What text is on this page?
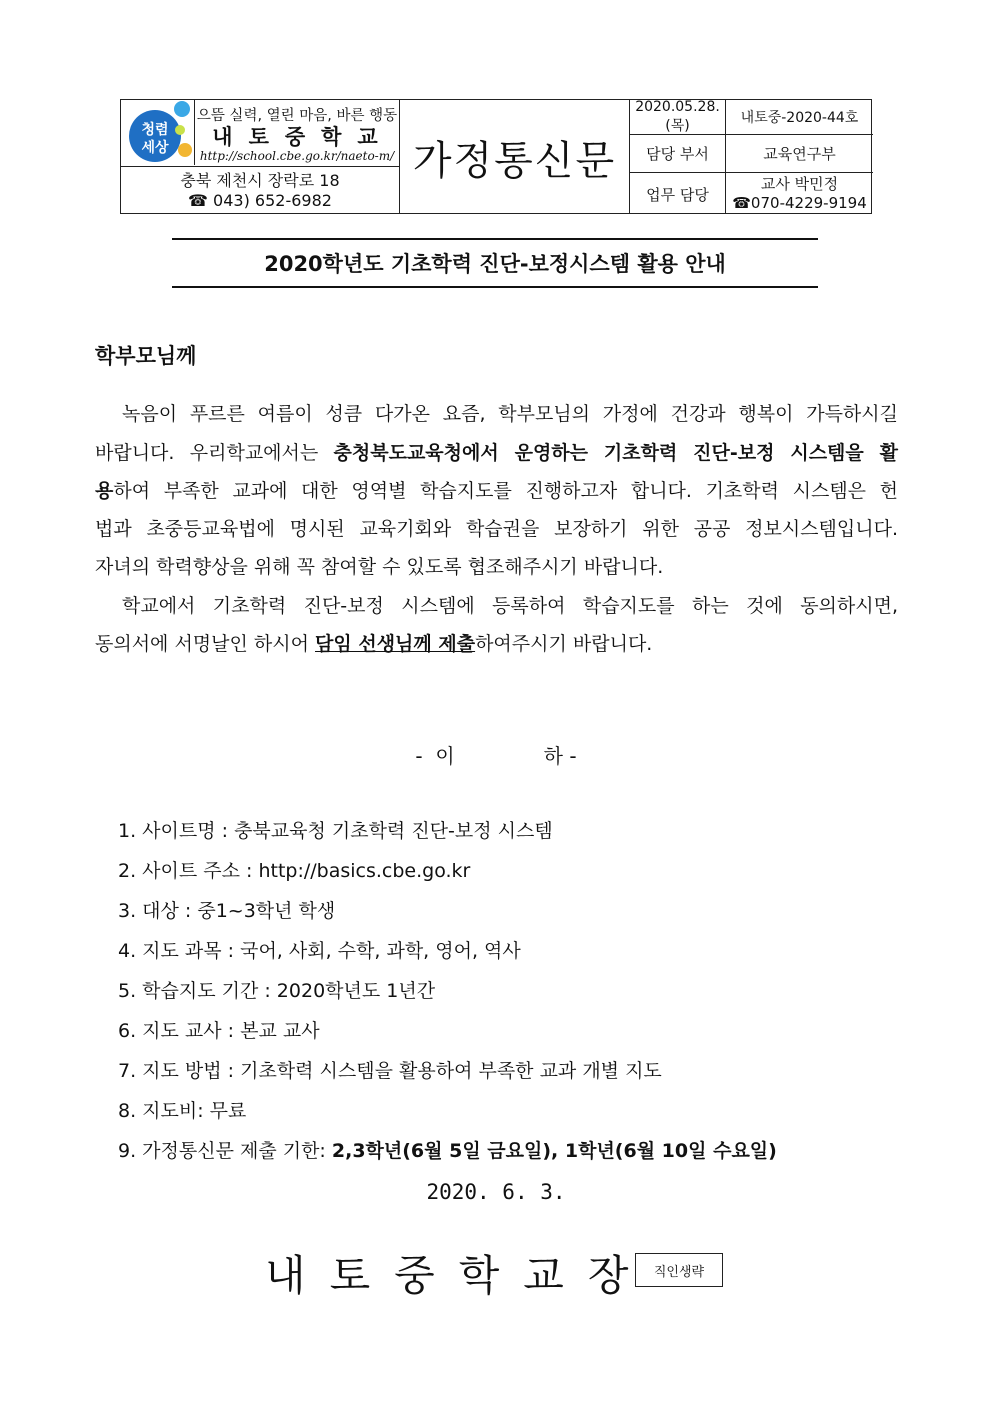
청렴
세상
으뜸 실력, 열린 마음, 바른 행동
내토중학교
http://school.cbe.go.kr/naeto-m/
충북 제천시 장락로 18
☎ 043) 652-6982
가정통신문
2020.05.28.(목)	내토중-2020-44호
담당 부서	교육연구부
업무 담당
교사 박민정
☎070-4229-9194
2020학년도 기초학력 진단-보정시스템 활용 안내
학부모님께
녹음이 푸르른 여름이 성큼 다가온 요즘, 학부모님의 가정에 건강과 행복이 가득하시길
바랍니다. 우리학교에서는 충청북도교육청에서 운영하는 기초학력 진단-보정 시스템을 활
용하여 부족한 교과에 대한 영역별 학습지도를 진행하고자 합니다. 기초학력 시스템은 헌
법과 초중등교육법에 명시된 교육기회와 학습권을 보장하기 위한 공공 정보시스템입니다.
자녀의 학력향상을 위해 꼭 참여할 수 있도록 협조해주시기 바랍니다.
학교에서 기초학력 진단-보정 시스템에 등록하여 학습지도를 하는 것에 동의하시면,
동의서에 서명날인 하시어 담임 선생님께 제출하여주시기 바랍니다.
-  이              하 -
1. 사이트명 : 충북교육청 기초학력 진단-보정 시스템
2. 사이트 주소 : http://basics.cbe.go.kr
3. 대상 : 중1~3학년 학생
4. 지도 과목 : 국어, 사회, 수학, 과학, 영어, 역사
5. 학습지도 기간 : 2020학년도 1년간
6. 지도 교사 : 본교 교사
7. 지도 방법 : 기초학력 시스템을 활용하여 부족한 교과 개별 지도
8. 지도비: 무료
9. 가정통신문 제출 기한: 2,3학년(6월 5일 금요일), 1학년(6월 10일 수요일)
2020. 6. 3.
내토중학교장 직인생략
